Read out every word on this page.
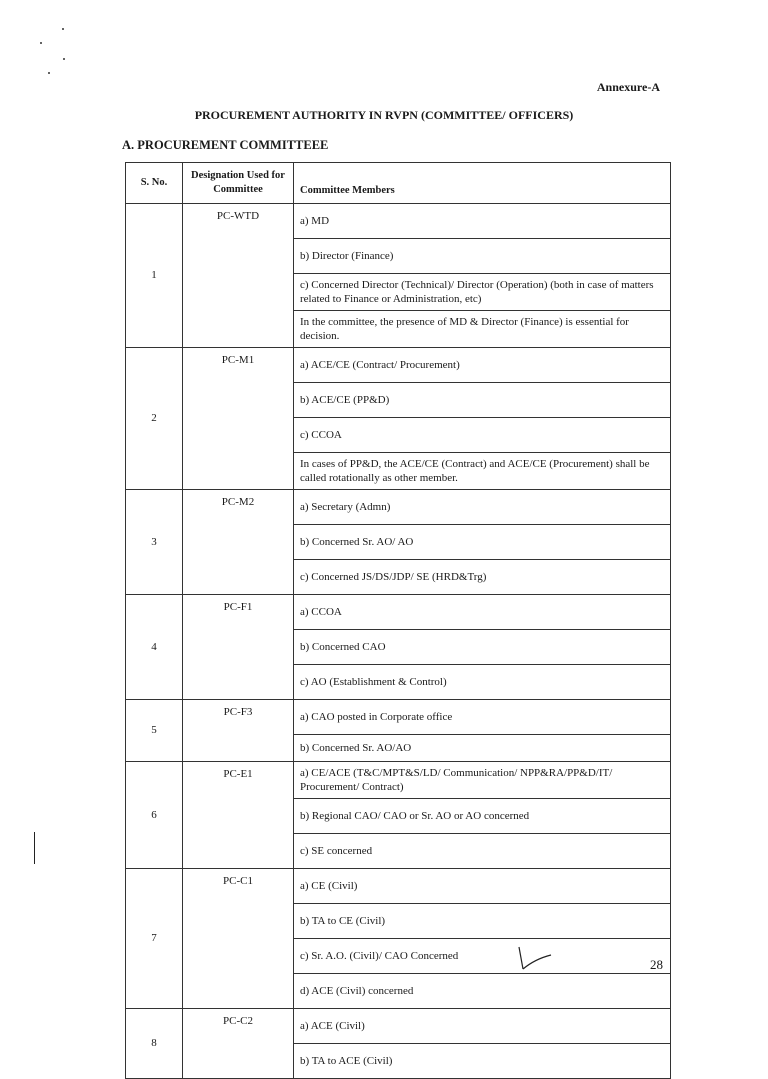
Annexure-A
PROCUREMENT AUTHORITY IN RVPN (COMMITTEE/ OFFICERS)
A. PROCUREMENT COMMITTEEE
S. No.	Designation Used for Committee	Committee Members
1	PC-WTD	a) MD
		b) Director (Finance)
		c) Concerned Director (Technical)/ Director (Operation) (both in case of matters related to Finance or Administration, etc)
		In the committee, the presence of MD & Director (Finance) is essential for decision.
2	PC-M1	a) ACE/CE (Contract/ Procurement)
		b) ACE/CE (PP&D)
		c) CCOA
		In cases of PP&D, the ACE/CE (Contract) and ACE/CE (Procurement) shall be called rotationally as other member.
3	PC-M2	a) Secretary (Admn)
		b) Concerned Sr. AO/ AO
		c) Concerned JS/DS/JDP/ SE (HRD&Trg)
4	PC-F1	a) CCOA
		b) Concerned CAO
		c) AO (Establishment & Control)
5	PC-F3	a) CAO posted in Corporate office
		b) Concerned Sr. AO/AO
6	PC-E1	a) CE/ACE (T&C/MPT&S/LD/ Communication/ NPP&RA/PP&D/IT/ Procurement/ Contract)
		b) Regional CAO/ CAO or Sr. AO or AO concerned
		c) SE concerned
7	PC-C1	a) CE (Civil)
		b) TA to CE (Civil)
		c) Sr. A.O. (Civil)/ CAO Concerned
		d) ACE (Civil) concerned
8	PC-C2	a) ACE (Civil)
		b) TA to ACE (Civil)
28
